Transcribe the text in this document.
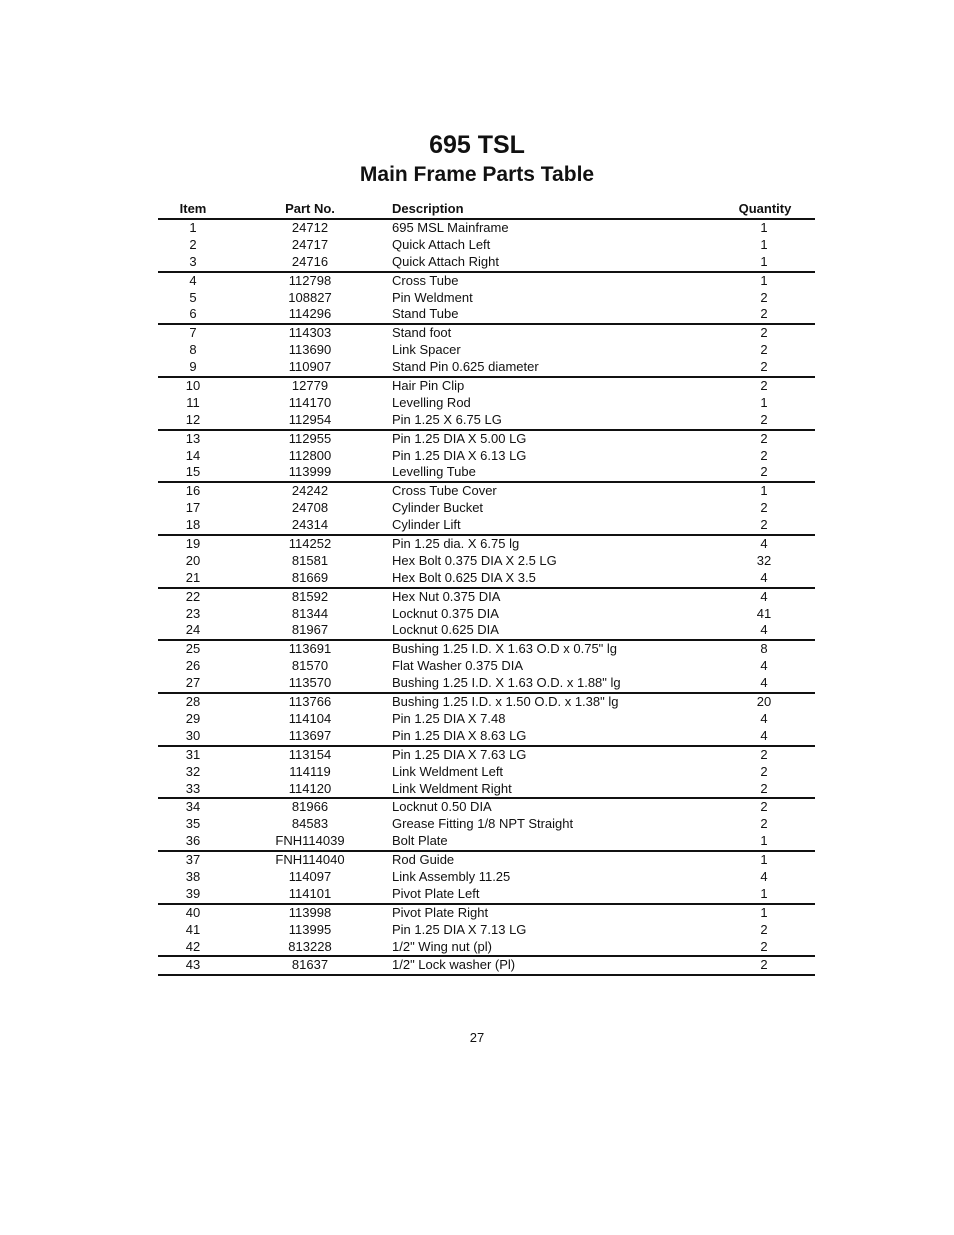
695 TSL
Main Frame Parts Table
Item	Part No.	Description	Quantity
1	24712	695 MSL Mainframe	1
2	24717	Quick Attach Left	1
3	24716	Quick Attach Right	1
4	112798	Cross Tube	1
5	108827	Pin Weldment	2
6	114296	Stand Tube	2
7	114303	Stand foot	2
8	113690	Link Spacer	2
9	110907	Stand Pin 0.625 diameter	2
10	12779	Hair Pin Clip	2
11	114170	Levelling Rod	1
12	112954	Pin 1.25 X 6.75 LG	2
13	112955	Pin 1.25 DIA X 5.00 LG	2
14	112800	Pin 1.25 DIA X 6.13 LG	2
15	113999	Levelling Tube	2
16	24242	Cross Tube Cover	1
17	24708	Cylinder Bucket	2
18	24314	Cylinder Lift	2
19	114252	Pin 1.25 dia. X 6.75 lg	4
20	81581	Hex Bolt 0.375 DIA X 2.5 LG	32
21	81669	Hex Bolt 0.625 DIA X 3.5	4
22	81592	Hex Nut 0.375 DIA	4
23	81344	Locknut 0.375 DIA	41
24	81967	Locknut 0.625 DIA	4
25	113691	Bushing 1.25 I.D. X 1.63 O.D x 0.75" lg	8
26	81570	Flat Washer 0.375 DIA	4
27	113570	Bushing 1.25 I.D. X 1.63 O.D. x 1.88" lg	4
28	113766	Bushing 1.25 I.D. x 1.50 O.D. x 1.38" lg	20
29	114104	Pin 1.25 DIA X 7.48	4
30	113697	Pin 1.25 DIA X 8.63 LG	4
31	113154	Pin 1.25 DIA X 7.63 LG	2
32	114119	Link Weldment Left	2
33	114120	Link Weldment Right	2
34	81966	Locknut 0.50 DIA	2
35	84583	Grease Fitting 1/8 NPT Straight	2
36	FNH114039	Bolt Plate	1
37	FNH114040	Rod Guide	1
38	114097	Link Assembly 11.25	4
39	114101	Pivot Plate Left	1
40	113998	Pivot Plate Right	1
41	113995	Pin 1.25 DIA X 7.13 LG	2
42	813228	1/2" Wing nut (pl)	2
43	81637	1/2" Lock washer (Pl)	2

27
